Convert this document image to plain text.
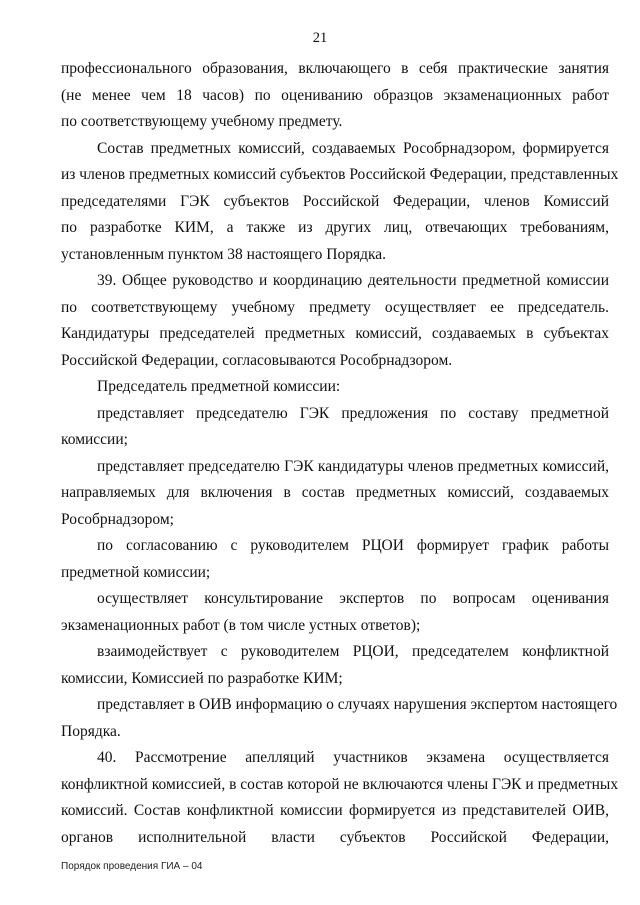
21
профессионального образования, включающего в себя практические занятия
(не менее чем 18 часов) по оцениванию образцов экзаменационных работ
по соответствующему учебному предмету.
Состав предметных комиссий, создаваемых Рособрнадзором, формируется
из членов предметных комиссий субъектов Российской Федерации, представленных
председателями ГЭК субъектов Российской Федерации, членов Комиссий
по разработке КИМ, а также из других лиц, отвечающих требованиям,
установленным пунктом 38 настоящего Порядка.
39. Общее руководство и координацию деятельности предметной комиссии
по соответствующему учебному предмету осуществляет ее председатель.
Кандидатуры председателей предметных комиссий, создаваемых в субъектах
Российской Федерации, согласовываются Рособрнадзором.
Председатель предметной комиссии:
представляет председателю ГЭК предложения по составу предметной
комиссии;
представляет председателю ГЭК кандидатуры членов предметных комиссий,
направляемых для включения в состав предметных комиссий, создаваемых
Рособрнадзором;
по согласованию с руководителем РЦОИ формирует график работы
предметной комиссии;
осуществляет консультирование экспертов по вопросам оценивания
экзаменационных работ (в том числе устных ответов);
взаимодействует с руководителем РЦОИ, председателем конфликтной
комиссии, Комиссией по разработке КИМ;
представляет в ОИВ информацию о случаях нарушения экспертом настоящего
Порядка.
40. Рассмотрение апелляций участников экзамена осуществляется
конфликтной комиссией, в состав которой не включаются члены ГЭК и предметных
комиссий. Состав конфликтной комиссии формируется из представителей ОИВ,
органов исполнительной власти субъектов Российской Федерации,
Порядок проведения ГИА – 04
